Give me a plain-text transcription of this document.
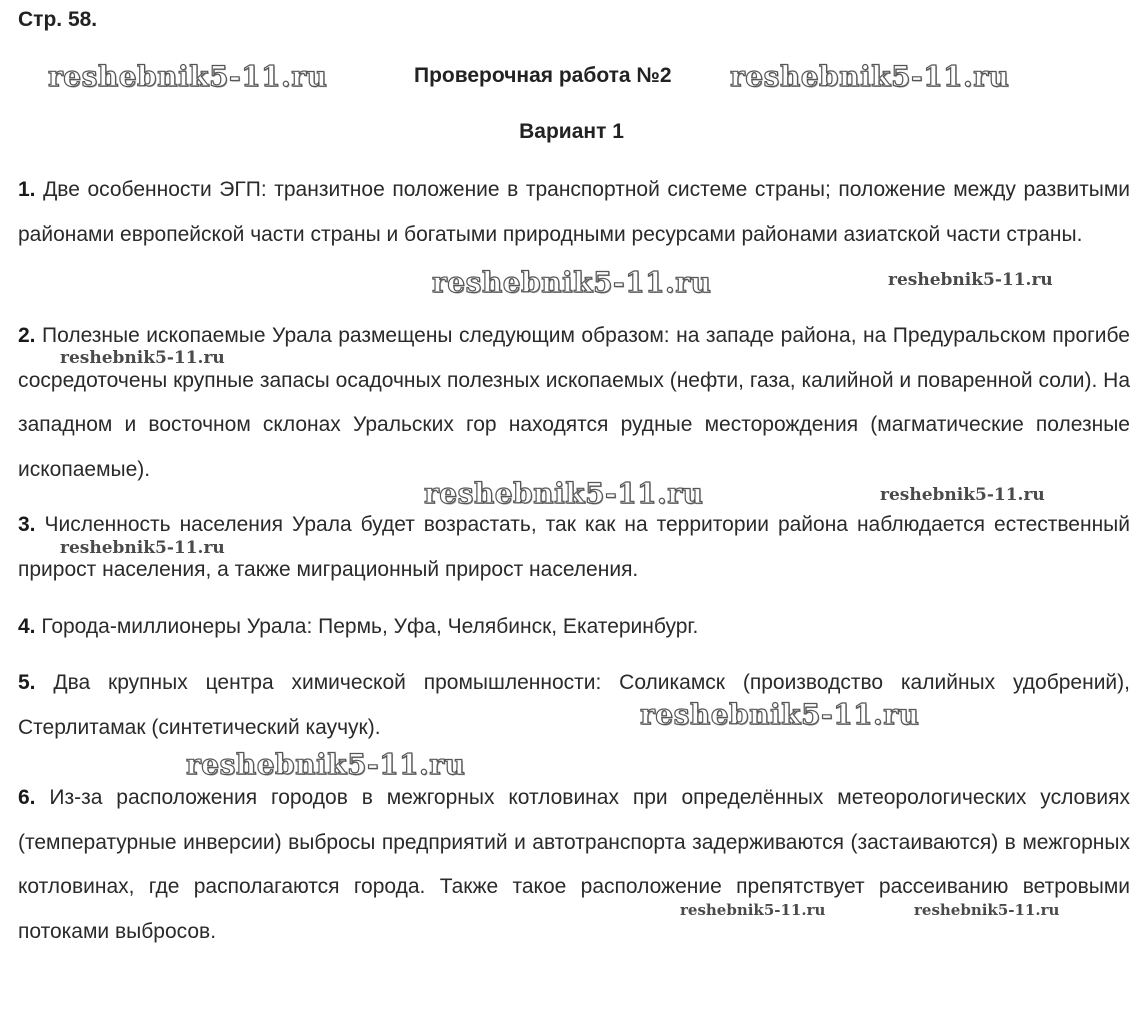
Стр. 58.
Проверочная работа №2
Вариант 1

1. Две особенности ЭГП: транзитное положение в транспортной системе страны; положение между развитыми районами европейской части страны и богатыми природными ресурсами районами азиатской части страны.

2. Полезные ископаемые Урала размещены следующим образом: на западе района, на Предуральском прогибе сосредоточены крупные запасы осадочных полезных ископаемых (нефти, газа, калийной и поваренной соли). На западном и восточном склонах Уральских гор находятся рудные месторождения (магматические полезные ископаемые).

3. Численность населения Урала будет возрастать, так как на территории района наблюдается естественный прирост населения, а также миграционный прирост населения.

4. Города-миллионеры Урала: Пермь, Уфа, Челябинск, Екатеринбург.

5. Два крупных центра химической промышленности: Соликамск (производство калийных удобрений), Стерлитамак (синтетический каучук).

6. Из-за расположения городов в межгорных котловинах при определённых метеорологических условиях (температурные инверсии) выбросы предприятий и автотранспорта задерживаются (застаиваются) в межгорных котловинах, где располагаются города. Также такое расположение препятствует рассеиванию ветровыми потоками выбросов.

reshebnik5-11.ru	reshebnik5-11.ru
reshebnik5-11.ru	reshebnik5-11.ru
reshebnik5-11.ru
reshebnik5-11.ru	reshebnik5-11.ru
reshebnik5-11.ru
reshebnik5-11.ru
reshebnik5-11.ru
reshebnik5-11.ru	reshebnik5-11.ru
